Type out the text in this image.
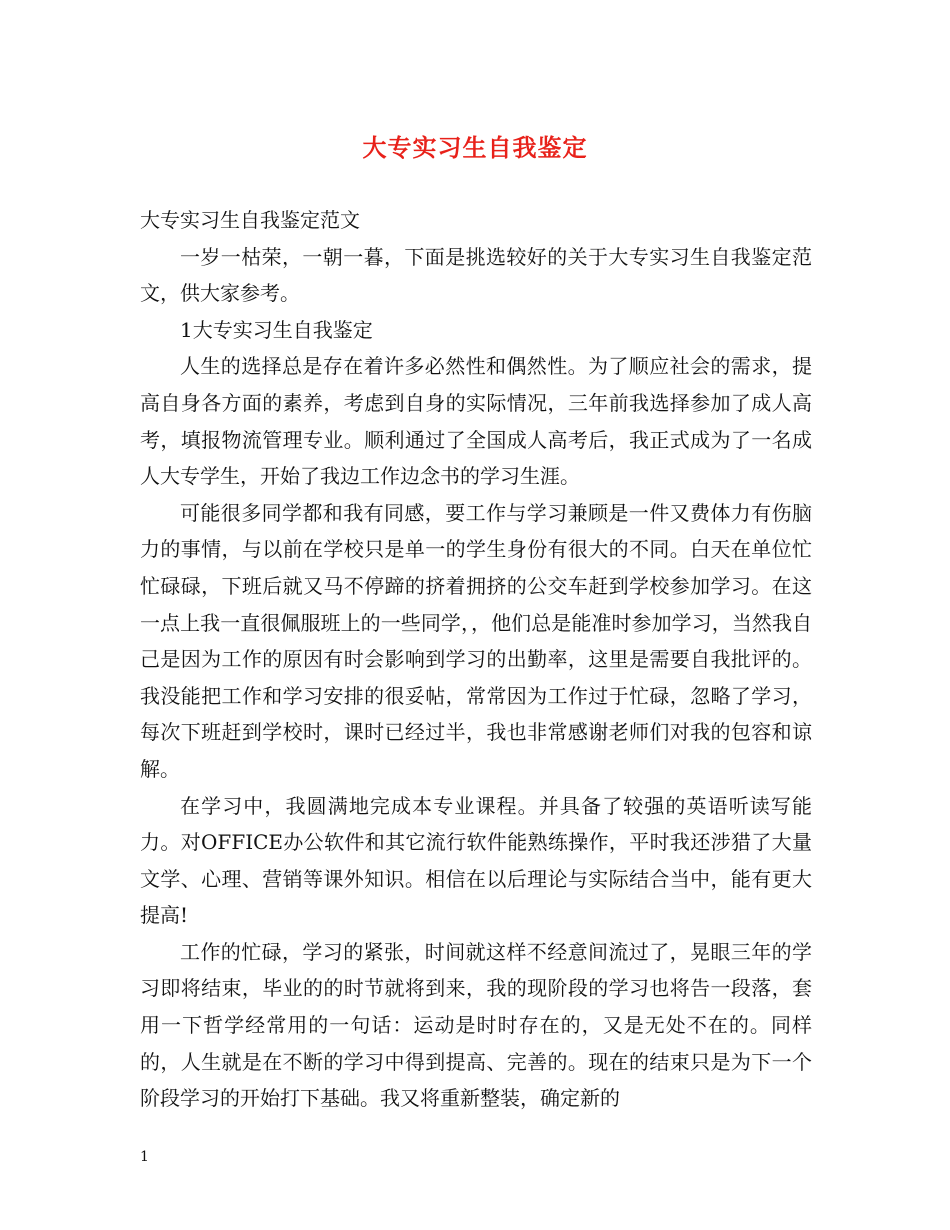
大专实习生自我鉴定

大专实习生自我鉴定范文

一岁一枯荣，一朝一暮，下面是挑选较好的关于大专实习生自我鉴定范文，供大家参考。

1大专实习生自我鉴定

人生的选择总是存在着许多必然性和偶然性。为了顺应社会的需求，提高自身各方面的素养，考虑到自身的实际情况，三年前我选择参加了成人高考，填报物流管理专业。顺利通过了全国成人高考后，我正式成为了一名成人大专学生，开始了我边工作边念书的学习生涯。

可能很多同学都和我有同感，要工作与学习兼顾是一件又费体力有伤脑力的事情，与以前在学校只是单一的学生身份有很大的不同。白天在单位忙忙碌碌，下班后就又马不停蹄的挤着拥挤的公交车赶到学校参加学习。在这一点上我一直很佩服班上的一些同学，，他们总是能准时参加学习，当然我自己是因为工作的原因有时会影响到学习的出勤率，这里是需要自我批评的。我没能把工作和学习安排的很妥帖，常常因为工作过于忙碌，忽略了学习，每次下班赶到学校时，课时已经过半，我也非常感谢老师们对我的包容和谅解。

在学习中，我圆满地完成本专业课程。并具备了较强的英语听读写能力。对OFFICE办公软件和其它流行软件能熟练操作，平时我还涉猎了大量文学、心理、营销等课外知识。相信在以后理论与实际结合当中，能有更大提高!

工作的忙碌，学习的紧张，时间就这样不经意间流过了，晃眼三年的学习即将结束，毕业的的时节就将到来，我的现阶段的学习也将告一段落，套用一下哲学经常用的一句话：运动是时时存在的，又是无处不在的。同样的，人生就是在不断的学习中得到提高、完善的。现在的结束只是为下一个阶段学习的开始打下基础。我又将重新整装，确定新的

1
